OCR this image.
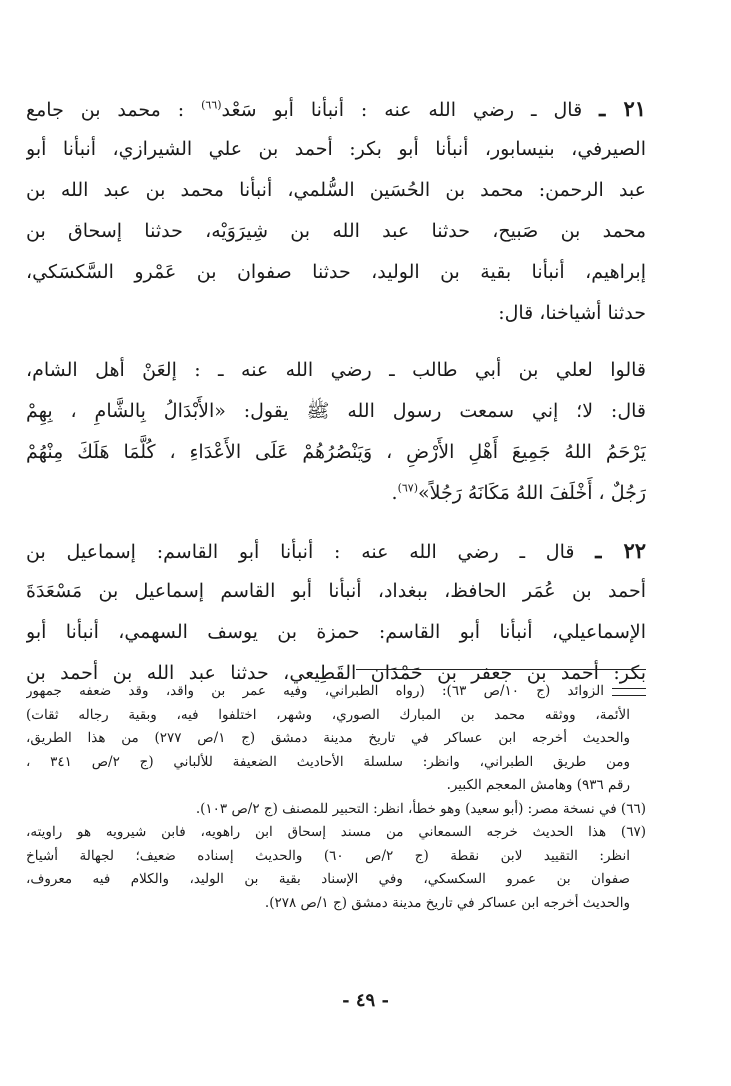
٢١ ـ قال ـ رضي الله عنه : أنبأنا أبو سَعْد$^{(٦٦)}$ : محمد بن جامع
الصيرفي، بنيسابور، أنبأنا أبو بكر: أحمد بن علي الشيرازي، أنبأنا أبو
عبد الرحمن: محمد بن الحُسَين السُّلمي، أنبأنا محمد بن عبد الله بن
محمد بن صَبيح، حدثنا عبد الله بن شِيرَوَيْه، حدثنا إسحاق بن
إبراهيم، أنبأنا بقية بن الوليد، حدثنا صفوان بن عَمْرو السَّكسَكي،
حدثنا أشياخنا، قال:
قالوا لعلي بن أبي طالب ـ رضي الله عنه ـ : إلعَنْ أهل الشام،
قال: لا؛ إني سمعت رسول الله ﷺ يقول: «الأَبْدَالُ بِالشَّامِ ، بِهِمْ
يَرْحَمُ اللهُ جَمِيعَ أَهْلِ الأَرْضِ ، وَيَنْصُرُهُمْ عَلَى الأَعْدَاءِ ، كُلَّمَا هَلَكَ مِنْهُمْ
رَجُلٌ ، أَخْلَفَ اللهُ مَكَانَهُ رَجُلاً»$^{(٦٧)}$.
٢٢ ـ قال ـ رضي الله عنه : أنبأنا أبو القاسم: إسماعيل بن
أحمد بن عُمَر الحافظ، ببغداد، أنبأنا أبو القاسم إسماعيل بن مَسْعَدَةَ
الإسماعيلي، أنبأنا أبو القاسم: حمزة بن يوسف السهمي، أنبأنا أبو
بكر: أحمد بن جعفر بن حَمْدَان القَطِيعي، حدثنا عبد الله بن أحمد بن
الزوائد (ج ١٠/ص ٦٣): (رواه الطبراني، وفيه عمر بن واقد، وقد ضعفه جمهور
الأئمة، ووثقه محمد بن المبارك الصوري، وشهر، اختلفوا فيه، وبقية رجاله ثقات)
والحديث أخرجه ابن عساكر في تاريخ مدينة دمشق (ج ١/ص ٢٧٧) من هذا الطريق،
ومن طريق الطبراني، وانظر: سلسلة الأحاديث الضعيفة للألباني (ج ٢/ص ٣٤١ ،
رقم ٩٣٦) وهامش المعجم الكبير.
(٦٦) في نسخة مصر: (أبو سعيد) وهو خطأ، انظر: التحبير للمصنف (ج ٢/ص ١٠٣).
(٦٧) هذا الحديث خرجه السمعاني من مسند إسحاق ابن راهويه، فابن شيرويه هو راويته،
انظر: التقييد لابن نقطة (ج ٢/ص ٦٠) والحديث إسناده ضعيف؛ لجهالة أشياخ
صفوان بن عمرو السكسكي، وفي الإسناد بقية بن الوليد، والكلام فيه معروف،
والحديث أخرجه ابن عساكر في تاريخ مدينة دمشق (ج ١/ص ٢٧٨).
- ٤٩ -
